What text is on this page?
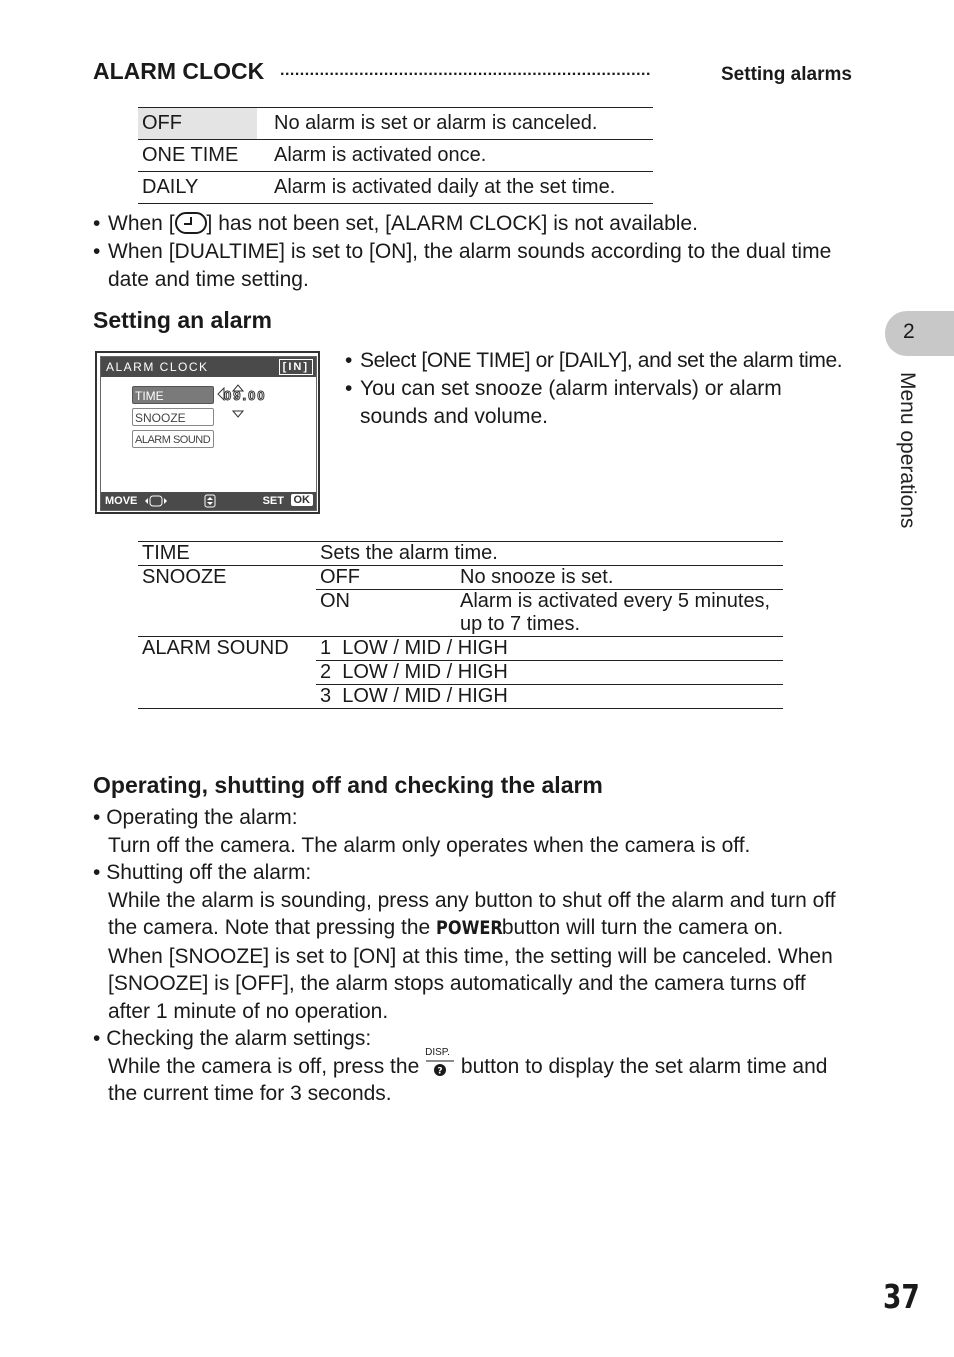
ALARM CLOCK ...........................................................................	Setting alarms
OFF	No alarm is set or alarm is canceled.
ONE TIME	Alarm is activated once.
DAILY	Alarm is activated daily at the set time.
• When [ ] has not been set, [ALARM CLOCK] is not available.
• When [DUALTIME] is set to [ON], the alarm sounds according to the dual time
date and time setting.
Setting an alarm
ALARM CLOCK	[IN]
TIME
SNOOZE
ALARM SOUND
09.00
MOVE	SET OK
• Select [ONE TIME] or [DAILY], and set the alarm time.
• You can set snooze (alarm intervals) or alarm
sounds and volume.
TIME	Sets the alarm time.	
SNOOZE	OFF	No snooze is set.
	ON	Alarm is activated every 5 minutes,
up to 7 times.

ALARM SOUND	1  LOW / MID / HIGH	
	2  LOW / MID / HIGH	
	3  LOW / MID / HIGH	
Operating, shutting off and checking the alarm
• Operating the alarm:
Turn off the camera. The alarm only operates when the camera is off.
• Shutting off the alarm:
While the alarm is sounding, press any button to shut off the alarm and turn off
the camera. Note that pressing the POWER button will turn the camera on.
When [SNOOZE] is set to [ON] at this time, the setting will be canceled. When
[SNOOZE] is [OFF], the alarm stops automatically and the camera turns off
after 1 minute of no operation.
• Checking the alarm settings:
While the camera is off, press the
DISP.
? button to display the set alarm time and
the current time for 3 seconds.
2
Menu operations
37
